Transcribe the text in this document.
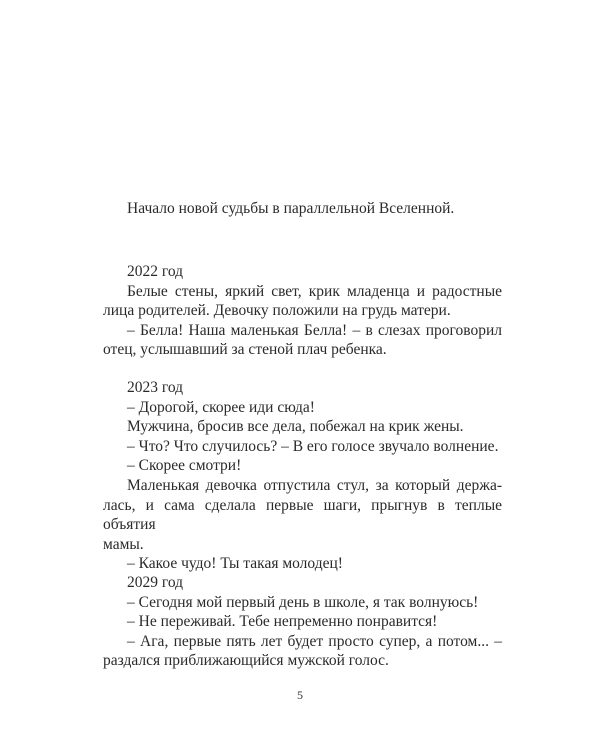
Начало новой судьбы в параллельной Вселенной.
2022 год
Белые стены, яркий свет, крик младенца и радостные
лица родителей. Девочку положили на грудь матери.
– Белла! Наша маленькая Белла! – в слезах проговорил
отец, услышавший за стеной плач ребенка.
2023 год
– Дорогой, скорее иди сюда!
Мужчина, бросив все дела, побежал на крик жены.
– Что? Что случилось? – В его голосе звучало волнение.
– Скорее смотри!
Маленькая девочка отпустила стул, за который держа-
лась, и сама сделала первые шаги, прыгнув в теплые объятия
мамы.
– Какое чудо! Ты такая молодец!
2029 год
– Сегодня мой первый день в школе, я так волнуюсь!
– Не переживай. Тебе непременно понравится!
– Ага, первые пять лет будет просто супер, а потом... –
раздался приближающийся мужской голос.
5
